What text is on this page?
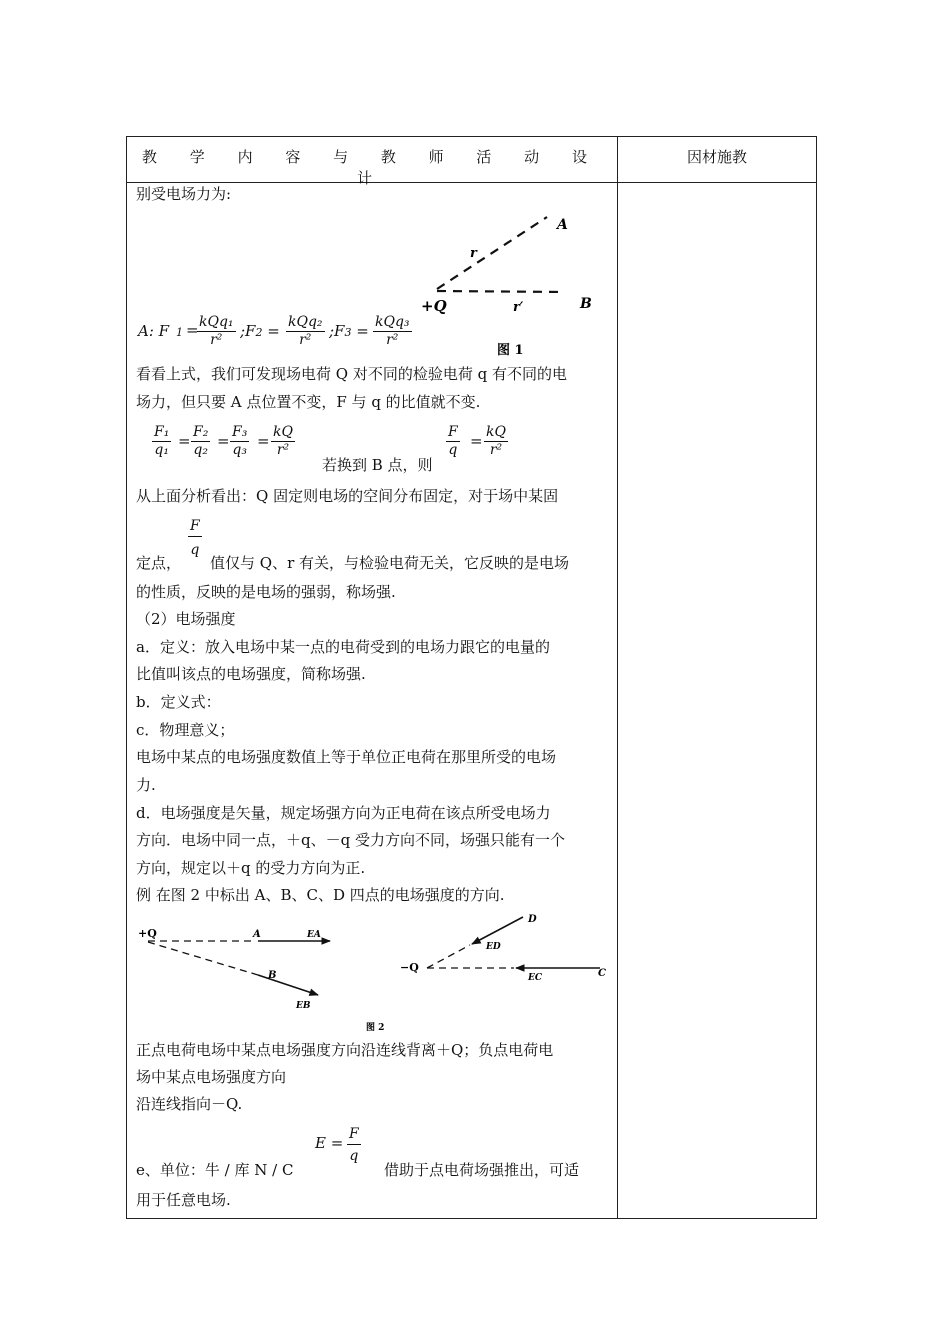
教 学 内 容 与 教 师 活 动 设 计
因材施教
别受电场力为:
A
B
r
r′
+Q
图 1
A: F 1 = kQq₁
r²	;F2 = kQq₂
r²	;F3 = kQq₃
r²
看看上式，我们可发现场电荷 Q 对不同的检验电荷 q 有不同的电
场力，但只要 A 点位置不变，F 与 q 的比值就不变.
$\frac{\text{F₁}}{\text{q₁}} = \frac{\text{F₂}}{\text{q₂}} = \frac{\text{F₃}}{\text{q₃}} = \frac{kQ}{\text{r²}}$
若换到 B 点，则
$\frac{F}{q} = \frac{kQ}{\text{r²}}$
从上面分析看出：Q 固定则电场的空间分布固定，对于场中某固
$\frac{F}{q}$
定点， 值仅与 Q、r 有关，与检验电荷无关，它反映的是电场
的性质，反映的是电场的强弱，称场强.
（2）电场强度
a．定义：放入电场中某一点的电荷受到的电场力跟它的电量的
比值叫该点的电场强度，简称场强.
b．定义式：
c．物理意义；
电场中某点的电场强度数值上等于单位正电荷在那里所受的电场
力.
d．电场强度是矢量，规定场强方向为正电荷在该点所受电场力
方向．电场中同一点，＋q、－q 受力方向不同，场强只能有一个
方向，规定以＋q 的受力方向为正.
例 在图 2 中标出 A、B、C、D 四点的电场强度的方向.
+Q	A	EA
B
EB
−Q
D
ED
C
EC
图 2
正点电荷电场中某点电场强度方向沿连线背离＋Q；负点电荷电
场中某点电场强度方向
沿连线指向－Q.
$E = \frac{F}{q}$
e、单位：牛 / 库 N / C	借助于点电荷场强推出，可适
用于任意电场.
